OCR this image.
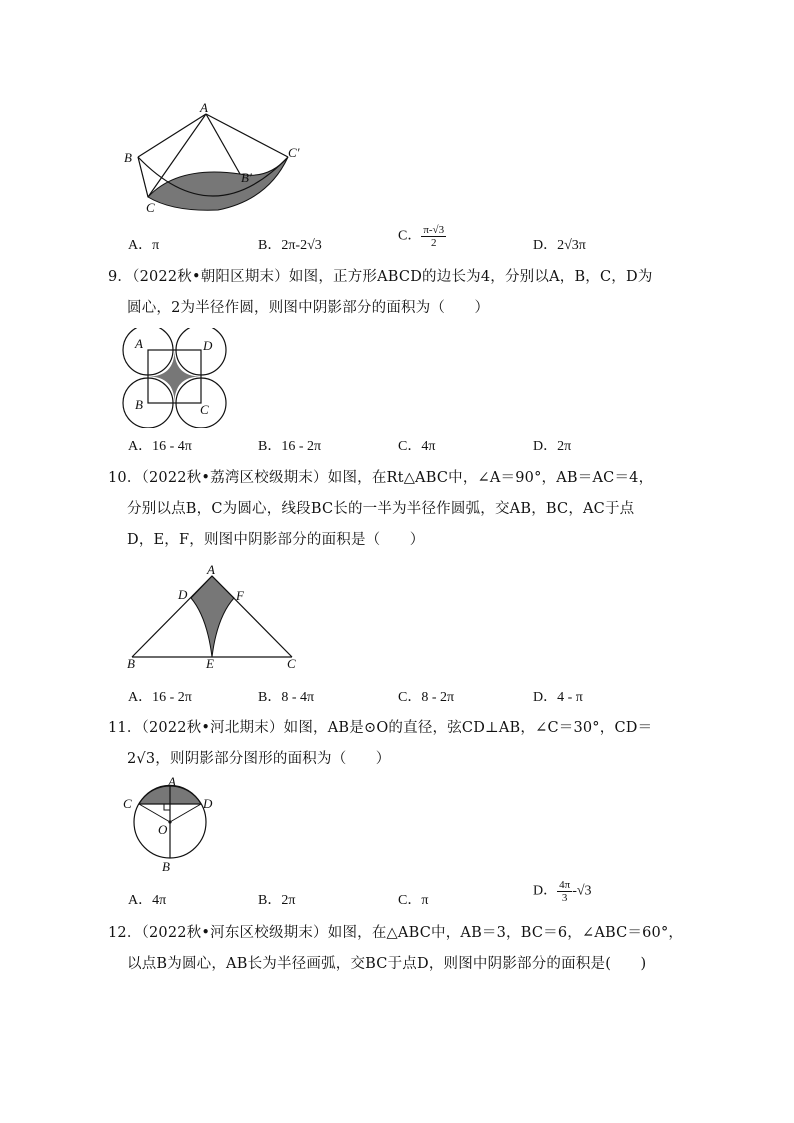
A
B
C
B′
C′
A．π	B．2π-2√3
C． $\frac{\pi-√3}{2}$	D．2√3π
9．（2022秋•朝阳区期末）如图，正方形ABCD的边长为4，分别以A，B，C，D为
圆心，2为半径作圆，则图中阴影部分的面积为（　　）
A	D
B	C
A．16 - 4π	B．16 - 2π	C．4π	D．2π
10．（2022秋•荔湾区校级期末）如图，在Rt△ABC中，∠A＝90°，AB＝AC＝4，
分别以点B，C为圆心，线段BC长的一半为半径作圆弧，交AB，BC，AC于点
D，E，F，则图中阴影部分的面积是（　　）
A
D	F
B	E	C
A．16 - 2π	B．8 - 4π	C．8 - 2π	D．4 - π
11．（2022秋•河北期末）如图，AB是⊙O的直径，弦CD⊥AB，∠C＝30°，CD＝
2√3，则阴影部分图形的面积为（　　）
A
C	D
O
B
A．4π	B．2π	C．π
D． $\frac{4\pi}{3} -√3$
12．（2022秋•河东区校级期末）如图，在△ABC中，AB＝3，BC＝6，∠ABC＝60°，
以点B为圆心，AB长为半径画弧，交BC于点D，则图中阴影部分的面积是(　　)
